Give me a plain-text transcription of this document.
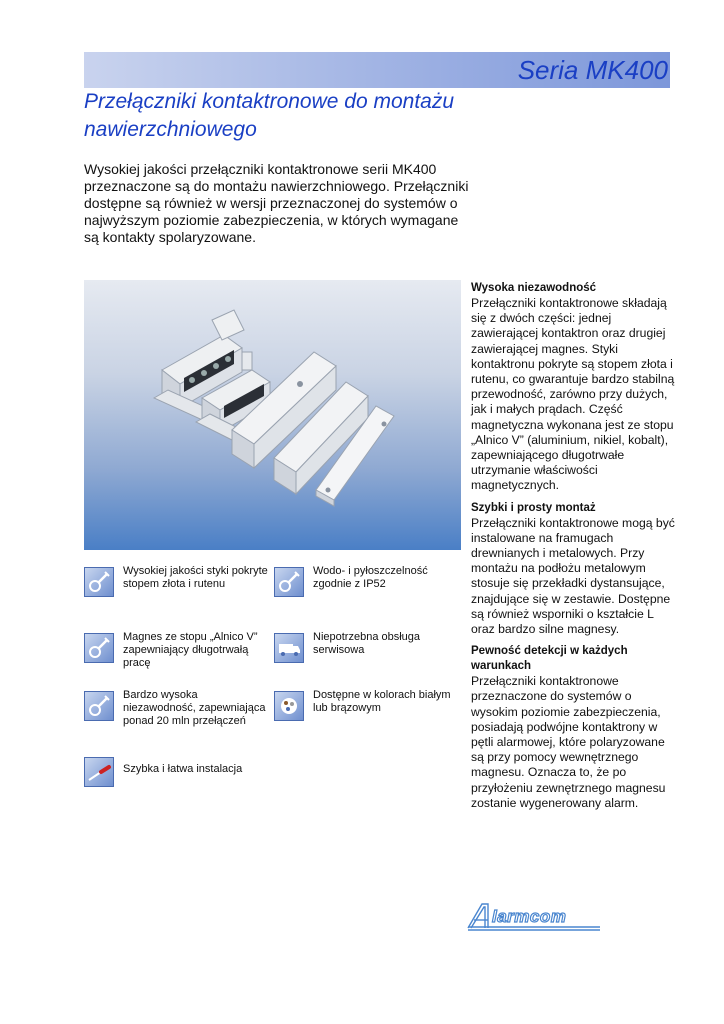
Seria MK400
Przełączniki kontaktronowe do montażu nawierzchniowego
Wysokiej jakości przełączniki kontaktronowe serii MK400 przeznaczone są do montażu nawierzchniowego. Przełączniki dostępne są również w wersji przeznaczonej do systemów o najwyższym poziomie zabezpieczenia, w których wymagane są kontakty spolaryzowane.
Wysokiej jakości styki pokryte stopem złota i rutenu
Wodo- i pyłoszczelność zgodnie z IP52
Magnes ze stopu „Alnico V” zapewniający długotrwałą pracę
Niepotrzebna obsługa serwisowa
Bardzo wysoka niezawodność, zapewniająca ponad 20 mln przełączeń
Dostępne w kolorach białym lub brązowym
Szybka i łatwa instalacja
Wysoka niezawodność

Przełączniki kontaktronowe składają się z dwóch części: jednej zawierającej kontaktron oraz drugiej zawierającej magnes. Styki kontaktronu pokryte są stopem złota i rutenu, co gwarantuje bardzo stabilną przewodność, zarówno przy dużych, jak i małych prądach. Część magnetyczna wykonana jest ze stopu „Alnico V” (aluminium, nikiel, kobalt), zapewniającego długotrwałe utrzymanie właściwości magnetycznych.

Szybki i prosty montaż

Przełączniki kontaktronowe mogą być instalowane na framugach drewnianych i metalowych. Przy montażu na podłożu metalowym stosuje się przekładki dystansujące, znajdujące się w zestawie. Dostępne są również wsporniki o kształcie L oraz bardzo silne magnesy.

Pewność detekcji w każdych warunkach

Przełączniki kontaktronowe przeznaczone do systemów o wysokim poziomie zabezpieczenia, posiadają podwójne kontaktrony w pętli alarmowej, które polaryzowane są przy pomocy wewnętrznego magnesu. Oznacza to, że po przyłożeniu zewnętrznego magnesu zostanie wygenerowany alarm.

larmcom
